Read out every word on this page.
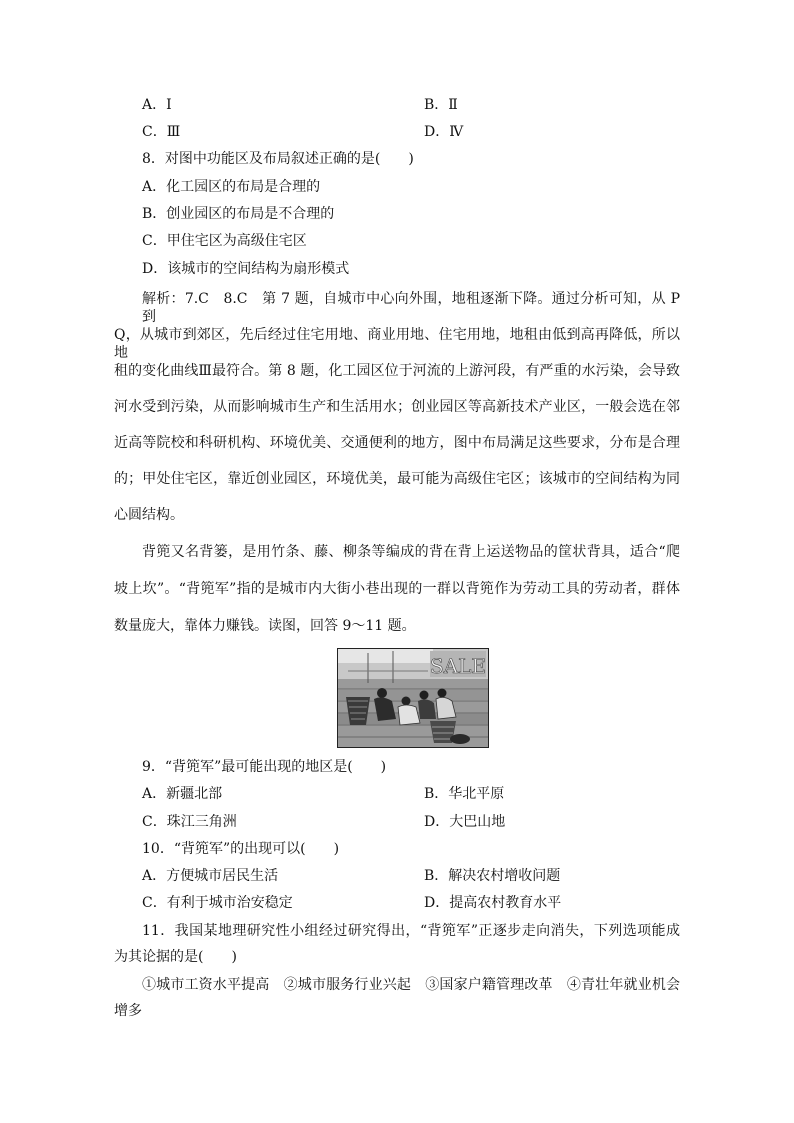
A．Ⅰ	B．Ⅱ
C．Ⅲ	D．Ⅳ
8．对图中功能区及布局叙述正确的是(　　)
A．化工园区的布局是合理的
B．创业园区的布局是不合理的
C．甲住宅区为高级住宅区
D．该城市的空间结构为扇形模式
解析：7.C　8.C　第 7 题，自城市中心向外围，地租逐渐下降。通过分析可知，从 P 到
Q，从城市到郊区，先后经过住宅用地、商业用地、住宅用地，地租由低到高再降低，所以地
租的变化曲线Ⅲ最符合。第 8 题，化工园区位于河流的上游河段，有严重的水污染，会导致
河水受到污染，从而影响城市生产和生活用水；创业园区等高新技术产业区，一般会选在邻
近高等院校和科研机构、环境优美、交通便利的地方，图中布局满足这些要求，分布是合理
的；甲处住宅区，靠近创业园区，环境优美，最可能为高级住宅区；该城市的空间结构为同
心圆结构。
背篼又名背篓，是用竹条、藤、柳条等编成的背在背上运送物品的筐状背具，适合“爬
坡上坎”。“背篼军”指的是城市内大街小巷出现的一群以背篼作为劳动工具的劳动者，群体
数量庞大，靠体力赚钱。读图，回答 9～11 题。
SALE
9．“背篼军”最可能出现的地区是(　　)
A．新疆北部	B．华北平原
C．珠江三角洲	D．大巴山地
10．“背篼军”的出现可以(　　)
A．方便城市居民生活	B．解决农村增收问题
C．有利于城市治安稳定	D．提高农村教育水平
11．我国某地理研究性小组经过研究得出，“背篼军”正逐步走向消失，下列选项能成
为其论据的是(　　)
①城市工资水平提高　②城市服务行业兴起　③国家户籍管理改革　④青壮年就业机会
增多
